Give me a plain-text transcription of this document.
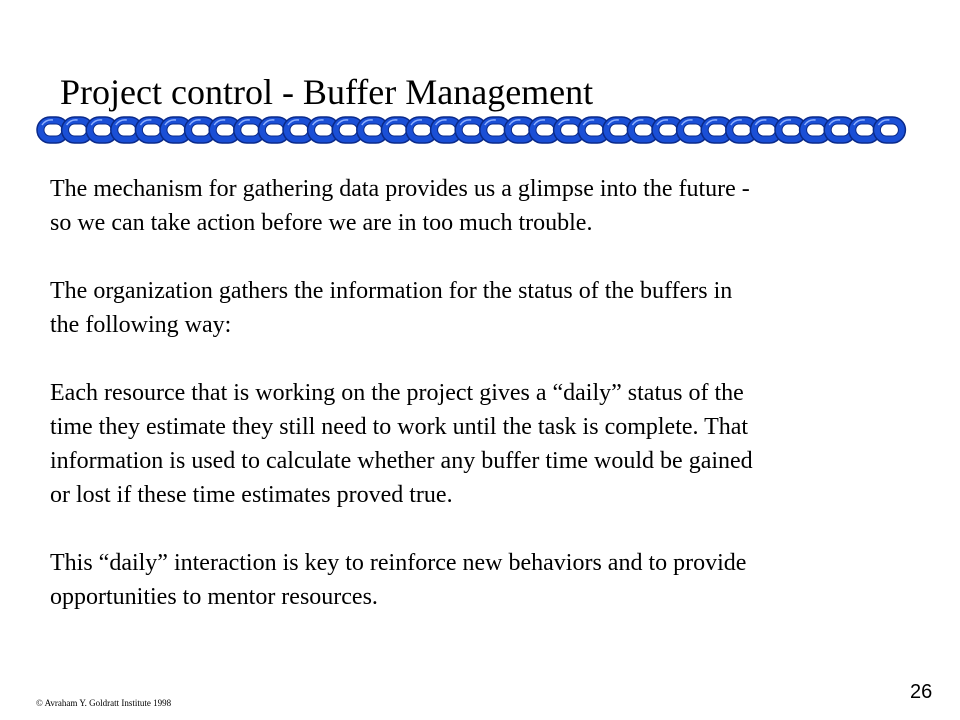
Project control - Buffer Management

The mechanism for gathering data provides us a glimpse into the future -
so we can take action before we are in too much trouble.

The organization gathers the information for the status of the buffers in
the following way:

Each resource that is working on the project gives a “daily” status of the
time they estimate they still need to work until the task is complete. That
information is used to calculate whether any buffer time would be gained
or lost if these time estimates proved true.

This “daily” interaction is key to reinforce new behaviors and to provide
opportunities to mentor resources.

© Avraham Y. Goldratt Institute 1998	26
